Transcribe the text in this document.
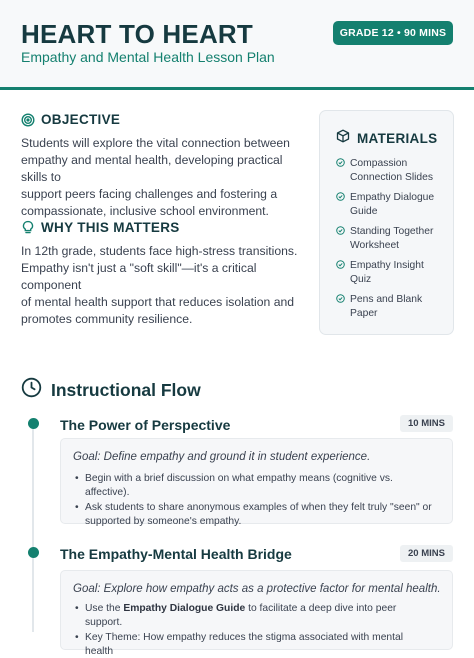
HEART TO HEART
Empathy and Mental Health Lesson Plan
GRADE 12 • 90 MINS
OBJECTIVE
Students will explore the vital connection between
empathy and mental health, developing practical skills to
support peers facing challenges and fostering a
compassionate, inclusive school environment.
WHY THIS MATTERS
In 12th grade, students face high-stress transitions.
Empathy isn't just a "soft skill"—it's a critical component
of mental health support that reduces isolation and
promotes community resilience.
MATERIALS
Compassion
Connection Slides
Empathy Dialogue
Guide
Standing Together
Worksheet
Empathy Insight
Quiz
Pens and Blank
Paper
Instructional Flow
The Power of Perspective	10 MINS
Goal: Define empathy and ground it in student experience.
• Begin with a brief discussion on what empathy means (cognitive vs. affective).
• Ask students to share anonymous examples of when they felt truly "seen" or
supported by someone's empathy.
The Empathy-Mental Health Bridge	20 MINS
Goal: Explore how empathy acts as a protective factor for mental health.
• Use the Empathy Dialogue Guide to facilitate a deep dive into peer support.
• Key Theme: How empathy reduces the stigma associated with mental health
